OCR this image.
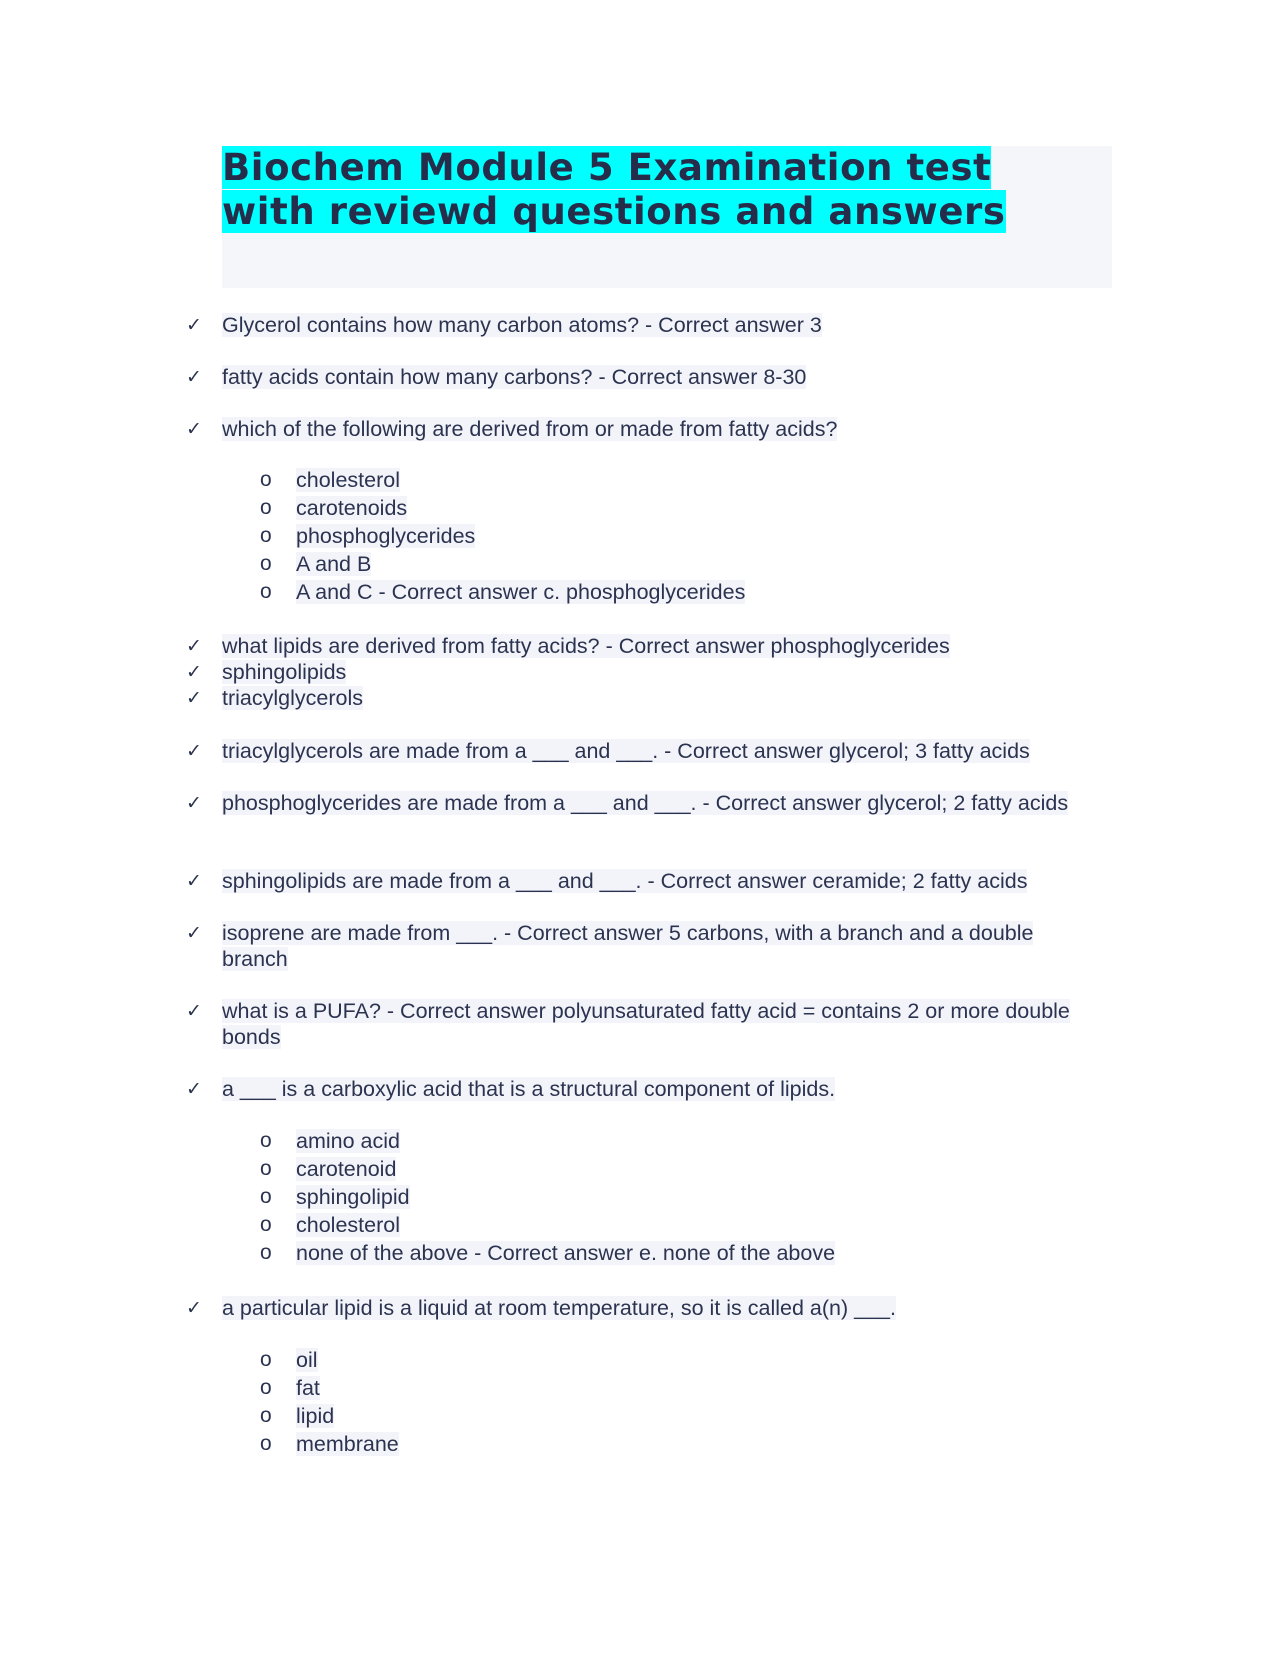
Biochem Module 5 Examination test with reviewd questions and answers
✓ Glycerol contains how many carbon atoms? - Correct answer 3
✓ fatty acids contain how many carbons? - Correct answer 8-30
✓ which of the following are derived from or made from fatty acids?
o cholesterol
o carotenoids
o phosphoglycerides
o A and B
o A and C - Correct answer c. phosphoglycerides
✓ what lipids are derived from fatty acids? - Correct answer phosphoglycerides
✓ sphingolipids
✓ triacylglycerols
✓ triacylglycerols are made from a ___ and ___. - Correct answer glycerol; 3 fatty acids
✓ phosphoglycerides are made from a ___ and ___. - Correct answer glycerol; 2 fatty acids
✓ sphingolipids are made from a ___ and ___. - Correct answer ceramide; 2 fatty acids
✓ isoprene are made from ___. - Correct answer 5 carbons, with a branch and a double branch
✓ what is a PUFA? - Correct answer polyunsaturated fatty acid = contains 2 or more double bonds
✓ a ___ is a carboxylic acid that is a structural component of lipids.
o amino acid
o carotenoid
o sphingolipid
o cholesterol
o none of the above - Correct answer e. none of the above
✓ a particular lipid is a liquid at room temperature, so it is called a(n) ___.
o oil
o fat
o lipid
o membrane
